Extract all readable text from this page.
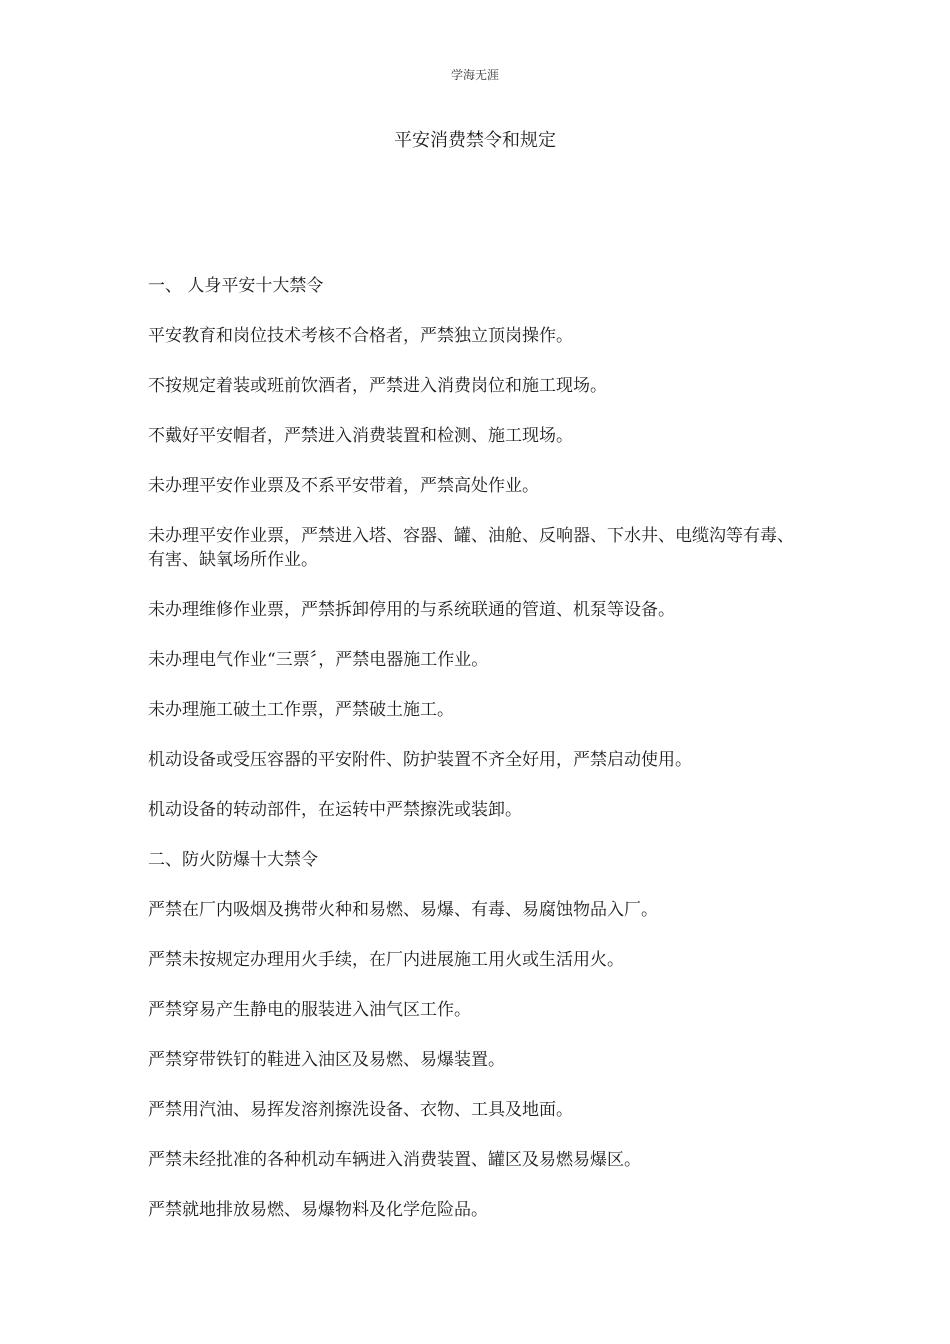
学海无涯
平安消费禁令和规定

一、 人身平安十大禁令

平安教育和岗位技术考核不合格者，严禁独立顶岗操作。

不按规定着装或班前饮酒者，严禁进入消费岗位和施工现场。

不戴好平安帽者，严禁进入消费装置和检测、施工现场。

未办理平安作业票及不系平安带着，严禁高处作业。

未办理平安作业票，严禁进入塔、容器、罐、油舱、反响器、下水井、电缆沟等有毒、有害、缺氧场所作业。

未办理维修作业票，严禁拆卸停用的与系统联通的管道、机泵等设备。

未办理电气作业“三票〞，严禁电器施工作业。

未办理施工破土工作票，严禁破土施工。

机动设备或受压容器的平安附件、防护装置不齐全好用，严禁启动使用。

机动设备的转动部件，在运转中严禁擦洗或装卸。

二、防火防爆十大禁令

严禁在厂内吸烟及携带火种和易燃、易爆、有毒、易腐蚀物品入厂。

严禁未按规定办理用火手续，在厂内进展施工用火或生活用火。

严禁穿易产生静电的服装进入油气区工作。

严禁穿带铁钉的鞋进入油区及易燃、易爆装置。

严禁用汽油、易挥发溶剂擦洗设备、衣物、工具及地面。

严禁未经批准的各种机动车辆进入消费装置、罐区及易燃易爆区。

严禁就地排放易燃、易爆物料及化学危险品。
